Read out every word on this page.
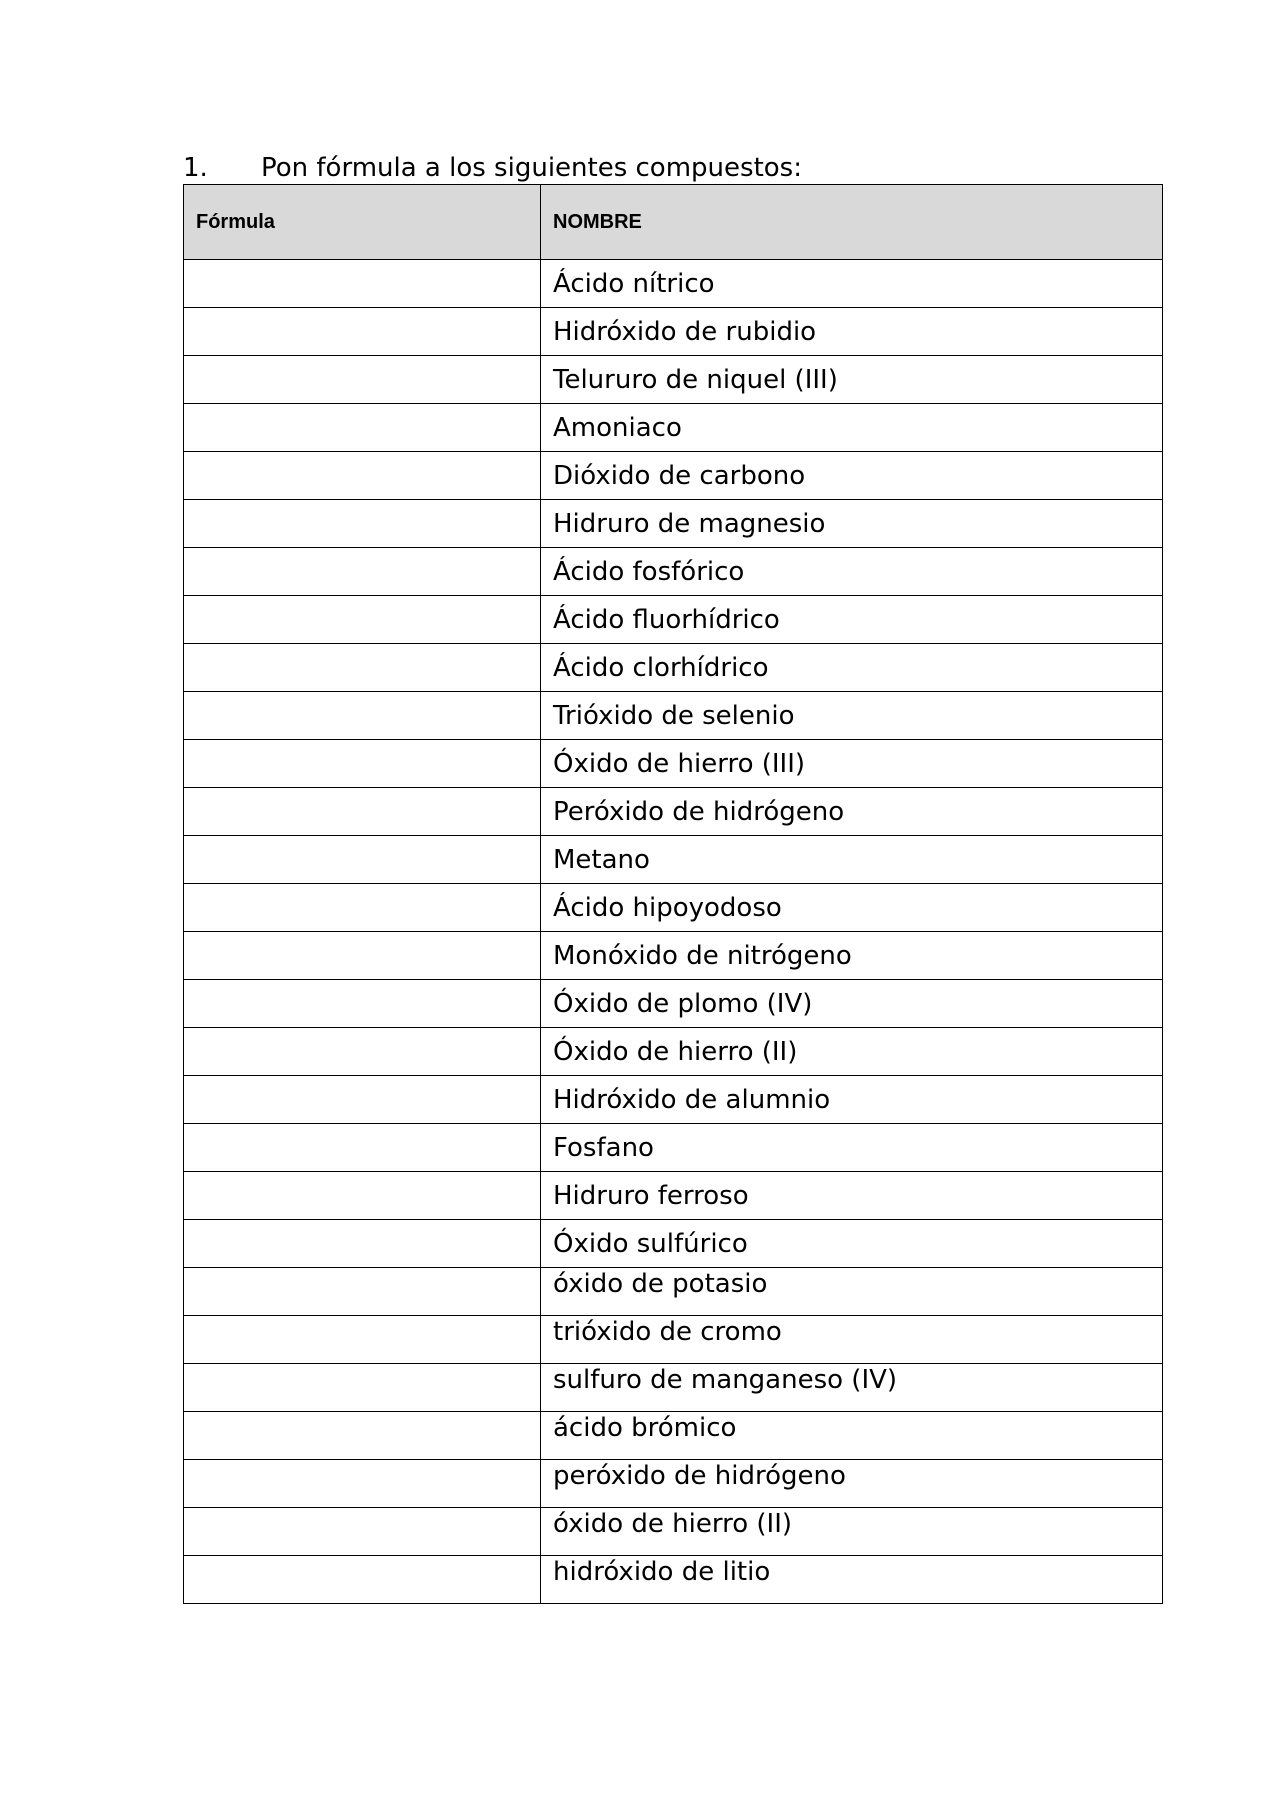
1. Pon fórmula a los siguientes compuestos:
Fórmula	NOMBRE
	Ácido nítrico
	Hidróxido de rubidio
	Telururo de niquel (III)
	Amoniaco
	Dióxido de carbono
	Hidruro de magnesio
	Ácido fosfórico
	Ácido fluorhídrico
	Ácido clorhídrico
	Trióxido de selenio
	Óxido de hierro (III)
	Peróxido de hidrógeno
	Metano
	Ácido hipoyodoso
	Monóxido de nitrógeno
	Óxido de plomo (IV)
	Óxido de hierro (II)
	Hidróxido de alumnio
	Fosfano
	Hidruro ferroso
	Óxido sulfúrico
	óxido de potasio
	trióxido de cromo
	sulfuro de manganeso (IV)
	ácido brómico
	peróxido de hidrógeno
	óxido de hierro (II)
	hidróxido de litio
